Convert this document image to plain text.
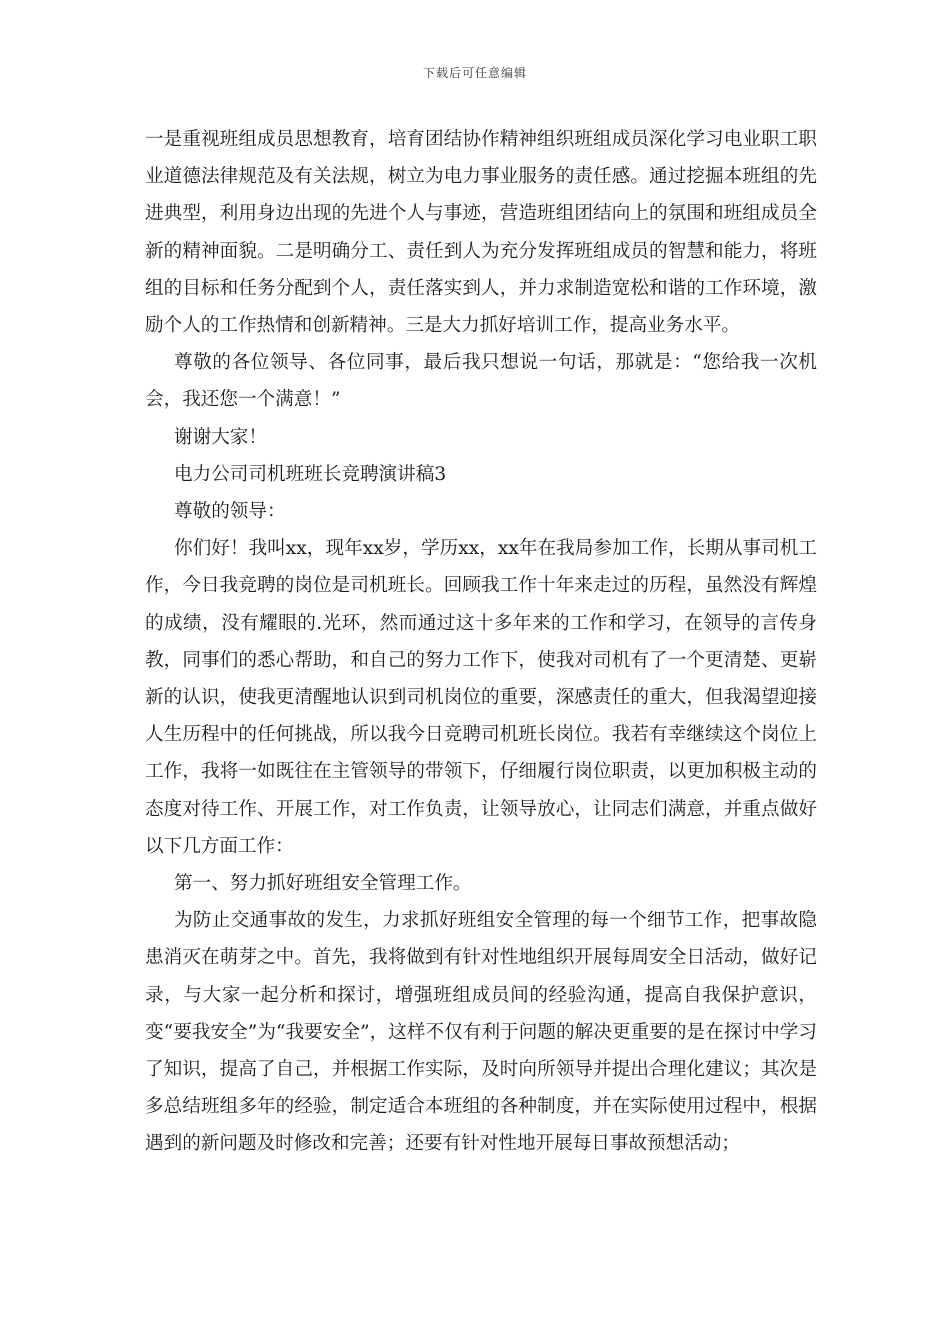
下载后可任意编辑

一是重视班组成员思想教育，培育团结协作精神组织班组成员深化学习电业职工职业道德法律规范及有关法规，树立为电力事业服务的责任感。通过挖掘本班组的先进典型，利用身边出现的先进个人与事迹，营造班组团结向上的氛围和班组成员全新的精神面貌。二是明确分工、责任到人为充分发挥班组成员的智慧和能力，将班组的目标和任务分配到个人，责任落实到人，并力求制造宽松和谐的工作环境，激励个人的工作热情和创新精神。三是大力抓好培训工作，提高业务水平。

尊敬的各位领导、各位同事，最后我只想说一句话，那就是：“您给我一次机会，我还您一个满意！”

谢谢大家！

电力公司司机班班长竞聘演讲稿3

尊敬的领导：

你们好！我叫xx，现年xx岁，学历xx，xx年在我局参加工作，长期从事司机工作，今日我竞聘的岗位是司机班长。回顾我工作十年来走过的历程，虽然没有辉煌的成绩，没有耀眼的.光环，然而通过这十多年来的工作和学习，在领导的言传身教，同事们的悉心帮助，和自己的努力工作下，使我对司机有了一个更清楚、更崭新的认识，使我更清醒地认识到司机岗位的重要，深感责任的重大，但我渴望迎接人生历程中的任何挑战，所以我今日竞聘司机班长岗位。我若有幸继续这个岗位上工作，我将一如既往在主管领导的带领下，仔细履行岗位职责，以更加积极主动的态度对待工作、开展工作，对工作负责，让领导放心，让同志们满意，并重点做好以下几方面工作：

第一、努力抓好班组安全管理工作。

为防止交通事故的发生，力求抓好班组安全管理的每一个细节工作，把事故隐患消灭在萌芽之中。首先，我将做到有针对性地组织开展每周安全日活动，做好记录，与大家一起分析和探讨，增强班组成员间的经验沟通，提高自我保护意识，变“要我安全”为“我要安全”，这样不仅有利于问题的解决更重要的是在探讨中学习了知识，提高了自己，并根据工作实际，及时向所领导并提出合理化建议；其次是多总结班组多年的经验，制定适合本班组的各种制度，并在实际使用过程中，根据遇到的新问题及时修改和完善；还要有针对性地开展每日事故预想活动；
